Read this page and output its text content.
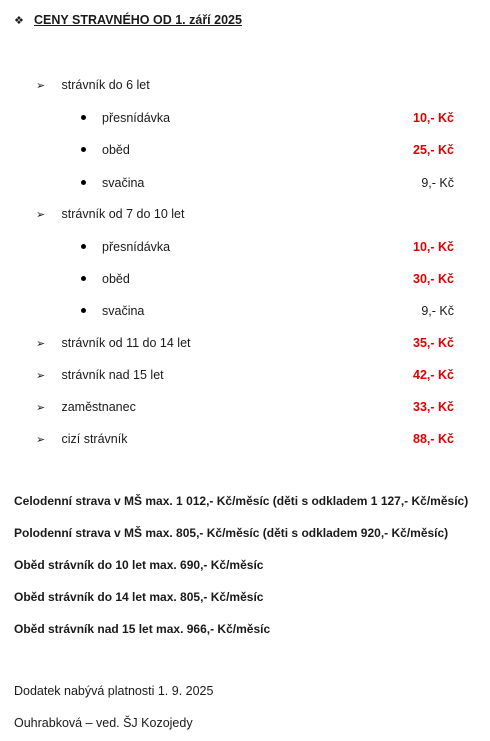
❖ CENY STRAVNÉHO OD 1. září 2025
➢ strávník do 6 let
přesnídávka	10,- Kč
oběd	25,- Kč
svačina	9,- Kč
➢ strávník od 7 do 10 let
přesnídávka	10,- Kč
oběd	30,- Kč
svačina	9,- Kč
➢ strávník od 11 do 14 let	35,- Kč
➢ strávník nad 15 let	42,- Kč
➢ zaměstnanec	33,- Kč
➢ cizí strávník	88,- Kč
Celodenní strava v MŠ max. 1 012,- Kč/měsíc (děti s odkladem 1 127,- Kč/měsíc)
Polodenní strava v MŠ max. 805,- Kč/měsíc (děti s odkladem 920,- Kč/měsíc)
Oběd strávník do 10 let max. 690,- Kč/měsíc
Oběd strávník do 14 let max. 805,- Kč/měsíc
Oběd strávník nad 15 let max. 966,- Kč/měsíc
Dodatek nabývá platnosti 1. 9. 2025
Ouhrabková – ved. ŠJ Kozojedy
